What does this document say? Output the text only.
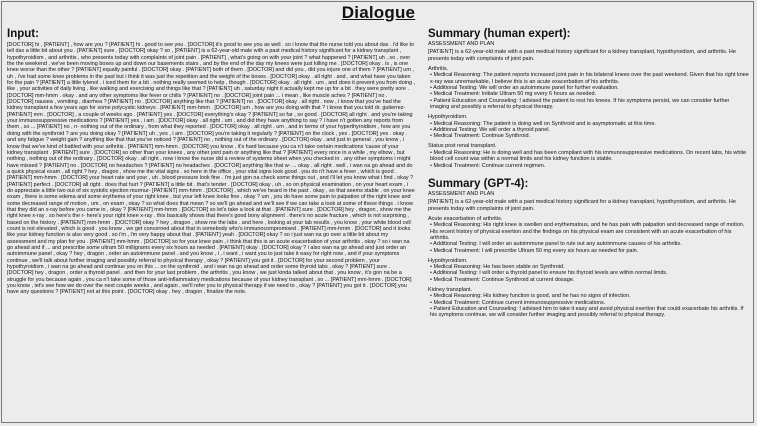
Dialogue
Input:

[DOCTOR] hi , [PATIENT] , how are you ? [PATIENT] hi . good to see you . [DOCTOR] it's good to see you as well . so i know that the nurse told you about dax . i'd like to tell dax a little bit about you . [PATIENT] sure . [DOCTOR] okay ? so , [PATIENT] is a 62-year-old male with a past medical history significant for a kidney transplant , hypothyroidism , and arthritis , who presents today with complaints of joint pain . [PATIENT] , what's going on with your joint ? what happened ? [PATIENT] uh , so , over the the weekend , we've been moving boxes up and down our basements stairs , and by the end of the day my knees were just killing me . [DOCTOR] okay . is , is one knee worse than the other ? [PATIENT] equally painful . [DOCTOR] okay . [PATIENT] both of them . [DOCTOR] and did you , did you injure one of them ? [PATIENT] um , uh , i've had some knee problems in the past but i think it was just the repetition and the weight of the boxes . [DOCTOR] okay . all right . and , and what have you taken for the pain ? [PATIENT] a little tylenol . i iced them for a bit . nothing really seemed to help , though . [DOCTOR] okay . all right . um , and does it prevent you from doing , like , your activities of daily living , like walking and exercising and things like that ? [PATIENT] uh , saturday night it actually kept me up for a bit . they were pretty sore . [DOCTOR] mm-hmm . okay . and any other symptoms like fever or chills ? [PATIENT] no . [DOCTOR] joint pain ... i mean , like muscle aches ? [PATIENT] no . [DOCTOR] nausea , vomiting , diarrhea ? [PATIENT] no . [DOCTOR] anything like that ? [PATIENT] no . [DOCTOR] okay . all right . now , i know that you've had the kidney transplant a few years ago for some polycystic kidneys . [PATIENT] mm-hmm . [DOCTOR] um , how are you doing with that ? i know that you told dr. gutierrez- [PATIENT] mm . [DOCTOR] , a couple of weeks ago . [PATIENT] yes . [DOCTOR] everything's okay ? [PATIENT] so far , so good . [DOCTOR] all right . and you're taking your immunosuppressive medications ? [PATIENT] yes , i am . [DOCTOR] okay . all right . um , and did they have anything to say ? i have n't gotten any reports from them , so ... [PATIENT] no , n- nothing out of the ordinary , from what they reported . [DOCTOR] okay . all right . um , and in terms of your hyperthyroidism , how are you doing with the synthroid ? are you doing okay ? [PATIENT] uh , yes , i am . [DOCTOR] you're taking it regularly ? [PATIENT] on the clock , yes . [DOCTOR] yes . okay . and any fatigue ? weight gain ? anything like that that you've noticed ? [PATIENT] no , nothing out of the ordinary . [DOCTOR] okay . and just in general , you know , i know that we've kind of battled with your arthritis . [PATIENT] mm-hmm . [DOCTOR] you know , it's hard because you ca n't take certain medications 'cause of your kidney transplant . [PATIENT] sure . [DOCTOR] so other than your knees , any other joint pain or anything like that ? [PATIENT] every once in a while , my elbow , but nothing , nothing out of the ordinary . [DOCTOR] okay . all right . now i know the nurse did a review of systems sheet when you checked in . any other symptoms i might have missed ? [PATIENT] no . [DOCTOR] no headaches ? [PATIENT] no headaches . [DOCTOR] anything like that w- ... okay . all right . well , i wan na go ahead and do a quick physical exam , all right ? hey , dragon , show me the vital signs . so here in the office , your vital signs look good . you do n't have a fever , which is good . [PATIENT] mm-hmm . [DOCTOR] your heart rate and your , uh , blood pressure look fine . i'm just gon na check some things out , and i'll let you know what i find , okay ? [PATIENT] perfect . [DOCTOR] all right . does that hurt ? [PATIENT] a little bit . that's tender . [DOCTOR] okay , uh , so on physical examination , on your heart exam , i do appreciate a little two out of six systolic ejection murmur- [PATIENT] mm-hmm . [DOCTOR] , which we've heard in the past . okay , so that seems stable . on your knee exam , there is some edema and some erythema of your right knee , but your left knee looks fine , okay ? um , you do have some pain to palpation of the right knee and some decreased range of motion , um , on exam , okay ? so what does that mean ? so we'll go ahead and we'll see if we can take a look at some of these things . i know that they did an x-ray before you came in , okay ? [PATIENT] mm-hmm . [DOCTOR] so let's take a look at that . [PATIENT] sure . [DOCTOR] hey , dragon , show me the right knee x-ray . so here's the r- here's your right knee x-ray . this basically shows that there's good bony alignment . there's no acute fracture , which is not surprising , based on the history . [PATIENT] mm-hmm . [DOCTOR] okay ? hey , dragon , show me the labs . and here , looking at your lab results , you know , your white blood cell count is not elevated , which is good . you know , we get concerned about that in somebody who's immunocompromised . [PATIENT] mm-hmm . [DOCTOR] and it looks like your kidney function is also very good . so i'm , i'm very happy about that . [PATIENT] yeah . [DOCTOR] okay ? so i just wan na go over a little bit about my assessment and my plan for you . [PATIENT] mm-hmm . [DOCTOR] so for your knee pain , i think that this is an acute exacerbation of your arthritis , okay ? so i wan na go ahead and if ... and prescribe some ultram 50 milligrams every six hours as needed . [PATIENT] okay . [DOCTOR] okay ? i also wan na go ahead and just order an autoimmune panel , okay ? hey , dragon , order an autoimmune panel . and you know , i , i want , i want you to just take it easy for right now , and if your symptoms continue , we'll talk about further imaging and possibly referral to physical therapy , okay ? [PATIENT] you got it . [DOCTOR] for your second problem , your hypothyroidism , i wan na go ahead and continue you on this ... on the synthroid , and i wan na go ahead and order some thyroid labs , okay ? [PATIENT] sure . [DOCTOR] hey , dragon , order a thyroid panel . and then for your last problem , the arthritis , you know , we just kinda talked about that . you know , it's gon na be a struggle for you because again , you ca n't take some of those anti-inflammatory medications because of your kidney transplant , so ... [PATIENT] mm-hmm . [DOCTOR] you know , let's see how we do over the next couple weeks , and again , we'll refer you to physical therapy if we need to , okay ? [PATIENT] you got it . [DOCTOR] you have any questions ? [PATIENT] not at this point . [DOCTOR] okay . hey , dragon , finalize the note.

Summary (human expert):

ASSESSMENT AND PLAN

[PATIENT] is a 62-year-old male with a past medical history significant for a kidney transplant, hypothyroidism, and arthritis. He presents today with complaints of joint pain.

Arthritis.

• Medical Reasoning: The patient reports increased joint pain in his bilateral knees over the past weekend. Given that his right knee x-ray was unremarkable, I believe this is an acute exacerbation of his arthritis.

• Additional Testing: We will order an autoimmune panel for further evaluation.

• Medical Treatment: Initiate Ultram 50 mg every 6 hours as needed.

• Patient Education and Counseling: I advised the patient to rest his knees. If his symptoms persist, we can consider further imaging and possibly a referral to physical therapy.

Hypothyroidism.

• Medical Reasoning: The patient is doing well on Synthroid and is asymptomatic at this time.

• Additional Testing: We will order a thyroid panel.

• Medical Treatment: Continue Synthroid.

Status post renal transplant.

• Medical Reasoning: He is doing well and has been compliant with his immunosuppressive medications. On recent labs, his white blood cell count was within a normal limits and his kidney function is stable.

• Medical Treatment: Continue current regimen.

Summary (GPT-4):

ASSESSMENT AND PLAN

[PATIENT] is a 62-year-old male with a past medical history significant for a kidney transplant, hypothyroidism, and arthritis. He presents today with complaints of joint pain.

Acute exacerbation of arthritis.

• Medical Reasoning: His right knee is swollen and erythematous, and he has pain with palpation and decreased range of motion. His recent history of physical exertion and the findings on his physical exam are consistent with an acute exacerbation of his arthritis.

• Additional Testing: I will order an autoimmune panel to rule out any autoimmune causes of his arthritis.

• Medical Treatment: I will prescribe Ultram 50 mg every six hours as needed for pain.

Hypothyroidism.

• Medical Reasoning: He has been stable on Synthroid.

• Additional Testing: I will order a thyroid panel to ensure his thyroid levels are within normal limits.

• Medical Treatment: Continue Synthroid at current dosage.

Kidney transplant.

• Medical Reasoning: His kidney function is good, and he has no signs of infection.

• Medical Treatment: Continue current immunosuppressive medications.

• Patient Education and Counseling: I advised him to take it easy and avoid physical exertion that could exacerbate his arthritis. If his symptoms continue, we will consider further imaging and possibly referral to physical therapy.
